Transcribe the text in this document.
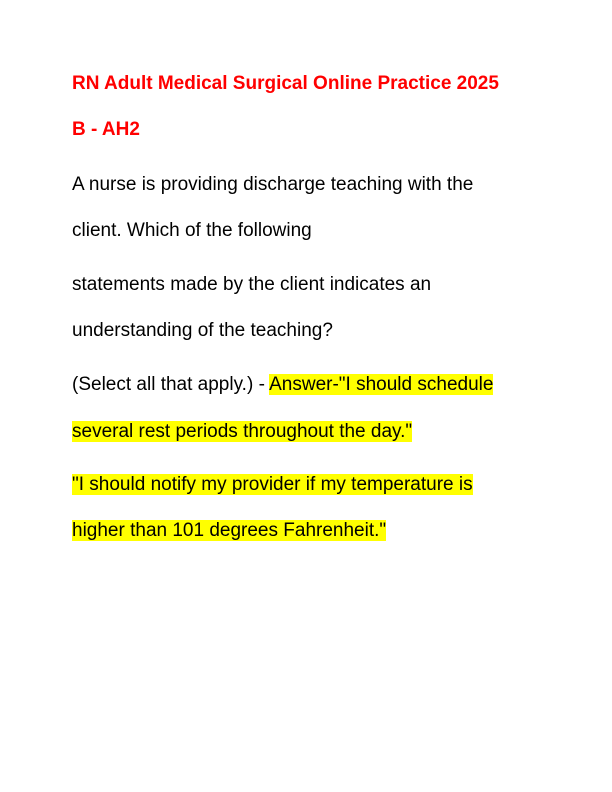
RN Adult Medical Surgical Online Practice 2025
B - AH2
A nurse is providing discharge teaching with the
client. Which of the following
statements made by the client indicates an
understanding of the teaching?
(Select all that apply.) - Answer-"I should schedule
several rest periods throughout the day."
"I should notify my provider if my temperature is
higher than 101 degrees Fahrenheit."
